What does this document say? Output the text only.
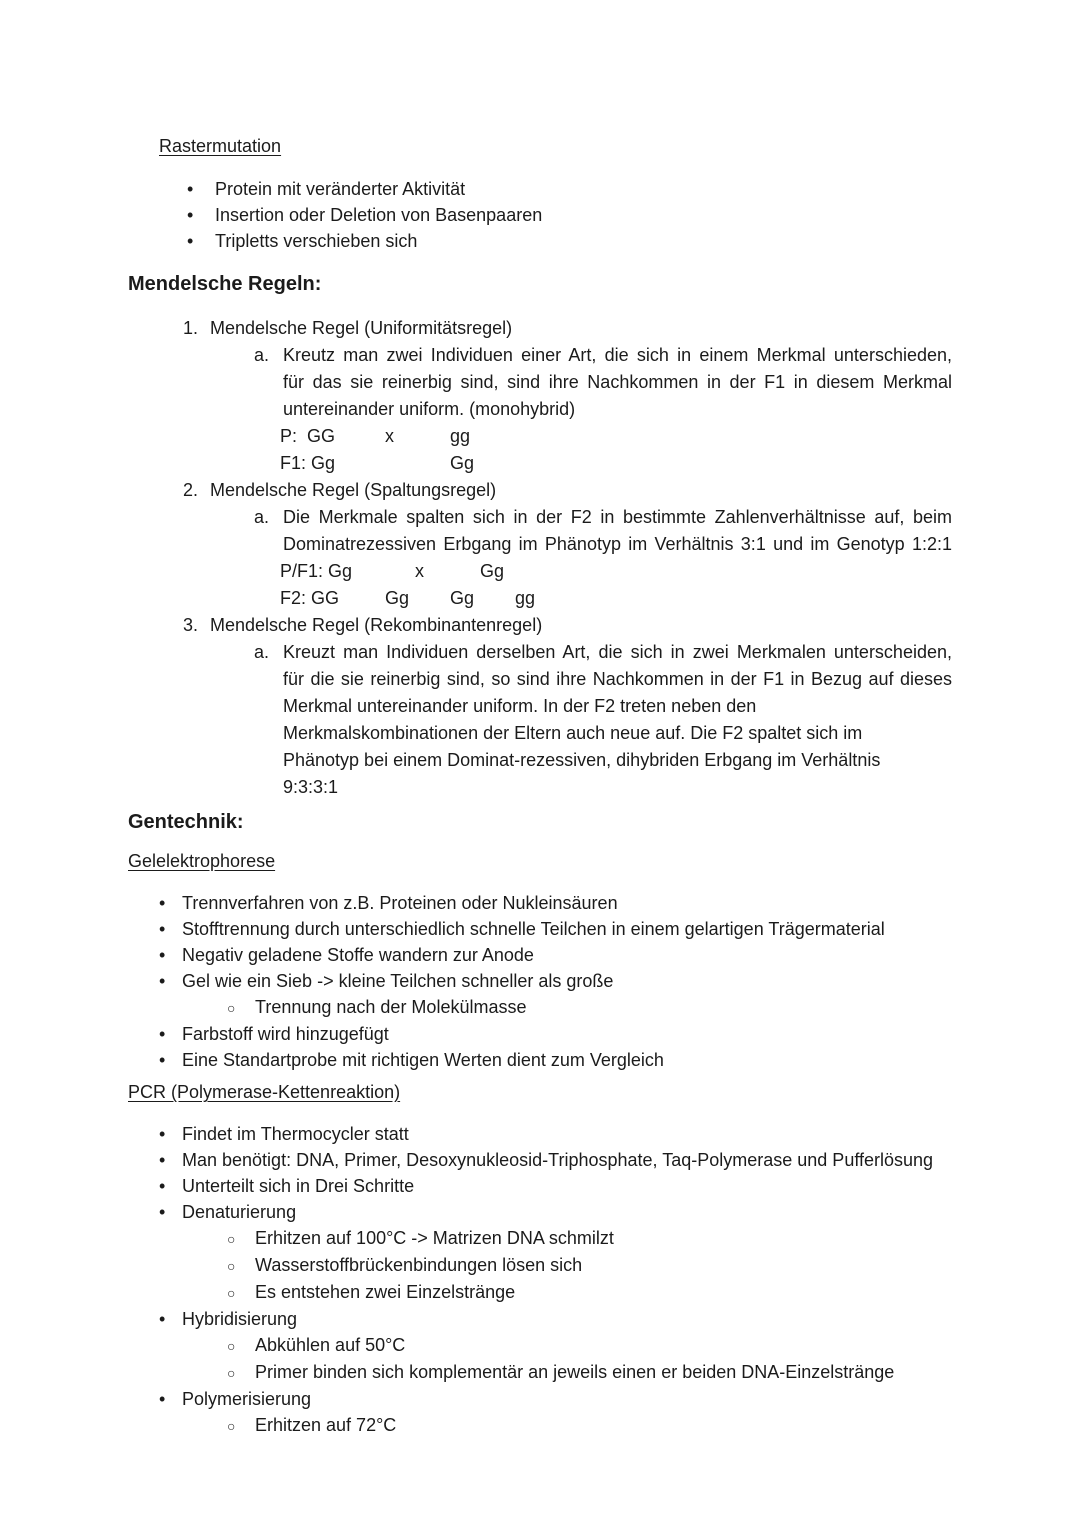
Rastermutation
•	Protein mit veränderter Aktivität
•	Insertion oder Deletion von Basenpaaren
•	Tripletts verschieben sich
Mendelsche Regeln:
1. Mendelsche Regel (Uniformitätsregel)
a. Kreutz man zwei Individuen einer Art, die sich in einem Merkmal unterschieden,
für das sie reinerbig sind, sind ihre Nachkommen in der F1 in diesem Merkmal
untereinander uniform. (monohybrid)
P:  GG	x	gg
F1: Gg	Gg
2. Mendelsche Regel (Spaltungsregel)
a. Die Merkmale spalten sich in der F2 in bestimmte Zahlenverhältnisse auf, beim
Dominatrezessiven Erbgang im Phänotyp im Verhältnis 3:1 und im Genotyp 1:2:1
P/F1: Gg	x	Gg
F2: GG	Gg	Gg	gg
3. Mendelsche Regel (Rekombinantenregel)
a. Kreuzt man Individuen derselben Art, die sich in zwei Merkmalen unterscheiden,
für die sie reinerbig sind, so sind ihre Nachkommen in der F1 in Bezug auf dieses
Merkmal untereinander uniform. In der F2 treten neben den
Merkmalskombinationen der Eltern auch neue auf. Die F2 spaltet sich im
Phänotyp bei einem Dominat-rezessiven, dihybriden Erbgang im Verhältnis
9:3:3:1
Gentechnik:
Gelelektrophorese
• Trennverfahren von z.B. Proteinen oder Nukleinsäuren
• Stofftrennung durch unterschiedlich schnelle Teilchen in einem gelartigen Trägermaterial
• Negativ geladene Stoffe wandern zur Anode
• Gel wie ein Sieb -> kleine Teilchen schneller als große
○	Trennung nach der Molekülmasse
• Farbstoff wird hinzugefügt
• Eine Standartprobe mit richtigen Werten dient zum Vergleich
PCR (Polymerase-Kettenreaktion)
• Findet im Thermocycler statt
• Man benötigt: DNA, Primer, Desoxynukleosid-Triphosphate, Taq-Polymerase und Pufferlösung
• Unterteilt sich in Drei Schritte
• Denaturierung
○	Erhitzen auf 100°C -> Matrizen DNA schmilzt
○	Wasserstoffbrückenbindungen lösen sich
○	Es entstehen zwei Einzelstränge
• Hybridisierung
○	Abkühlen auf 50°C
○	Primer binden sich komplementär an jeweils einen er beiden DNA-Einzelstränge
• Polymerisierung
○	Erhitzen auf 72°C
